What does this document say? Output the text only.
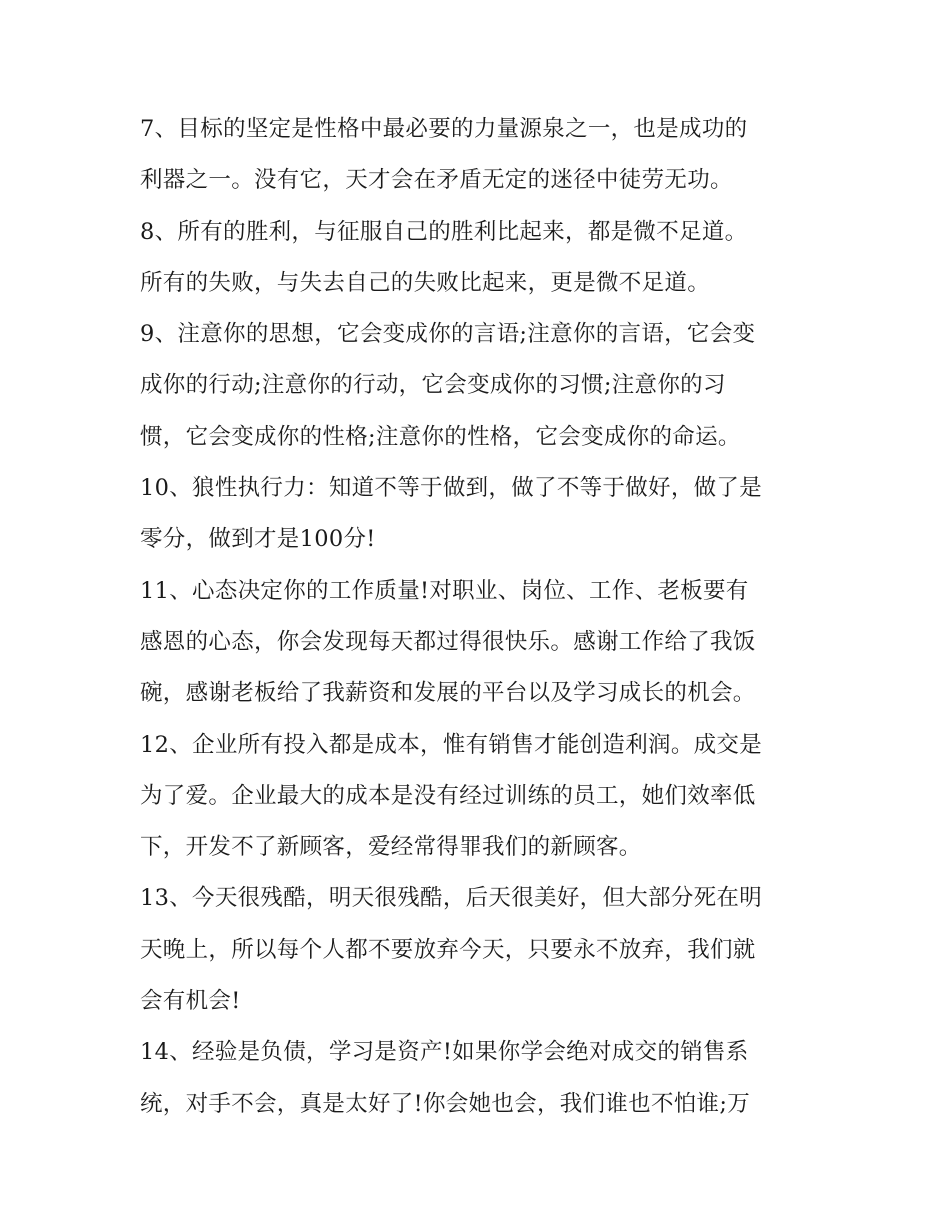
7、目标的坚定是性格中最必要的力量源泉之一，也是成功的
利器之一。没有它，天才会在矛盾无定的迷径中徒劳无功。
8、所有的胜利，与征服自己的胜利比起来，都是微不足道。
所有的失败，与失去自己的失败比起来，更是微不足道。
9、注意你的思想，它会变成你的言语;注意你的言语，它会变
成你的行动;注意你的行动，它会变成你的习惯;注意你的习
惯，它会变成你的性格;注意你的性格，它会变成你的命运。
10、狼性执行力：知道不等于做到，做了不等于做好，做了是
零分，做到才是100分!
11、心态决定你的工作质量!对职业、岗位、工作、老板要有
感恩的心态，你会发现每天都过得很快乐。感谢工作给了我饭
碗，感谢老板给了我薪资和发展的平台以及学习成长的机会。
12、企业所有投入都是成本，惟有销售才能创造利润。成交是
为了爱。企业最大的成本是没有经过训练的员工，她们效率低
下，开发不了新顾客，爱经常得罪我们的新顾客。
13、今天很残酷，明天很残酷，后天很美好，但大部分死在明
天晚上，所以每个人都不要放弃今天，只要永不放弃，我们就
会有机会!
14、经验是负债，学习是资产!如果你学会绝对成交的销售系
统，对手不会，真是太好了!你会她也会，我们谁也不怕谁;万
